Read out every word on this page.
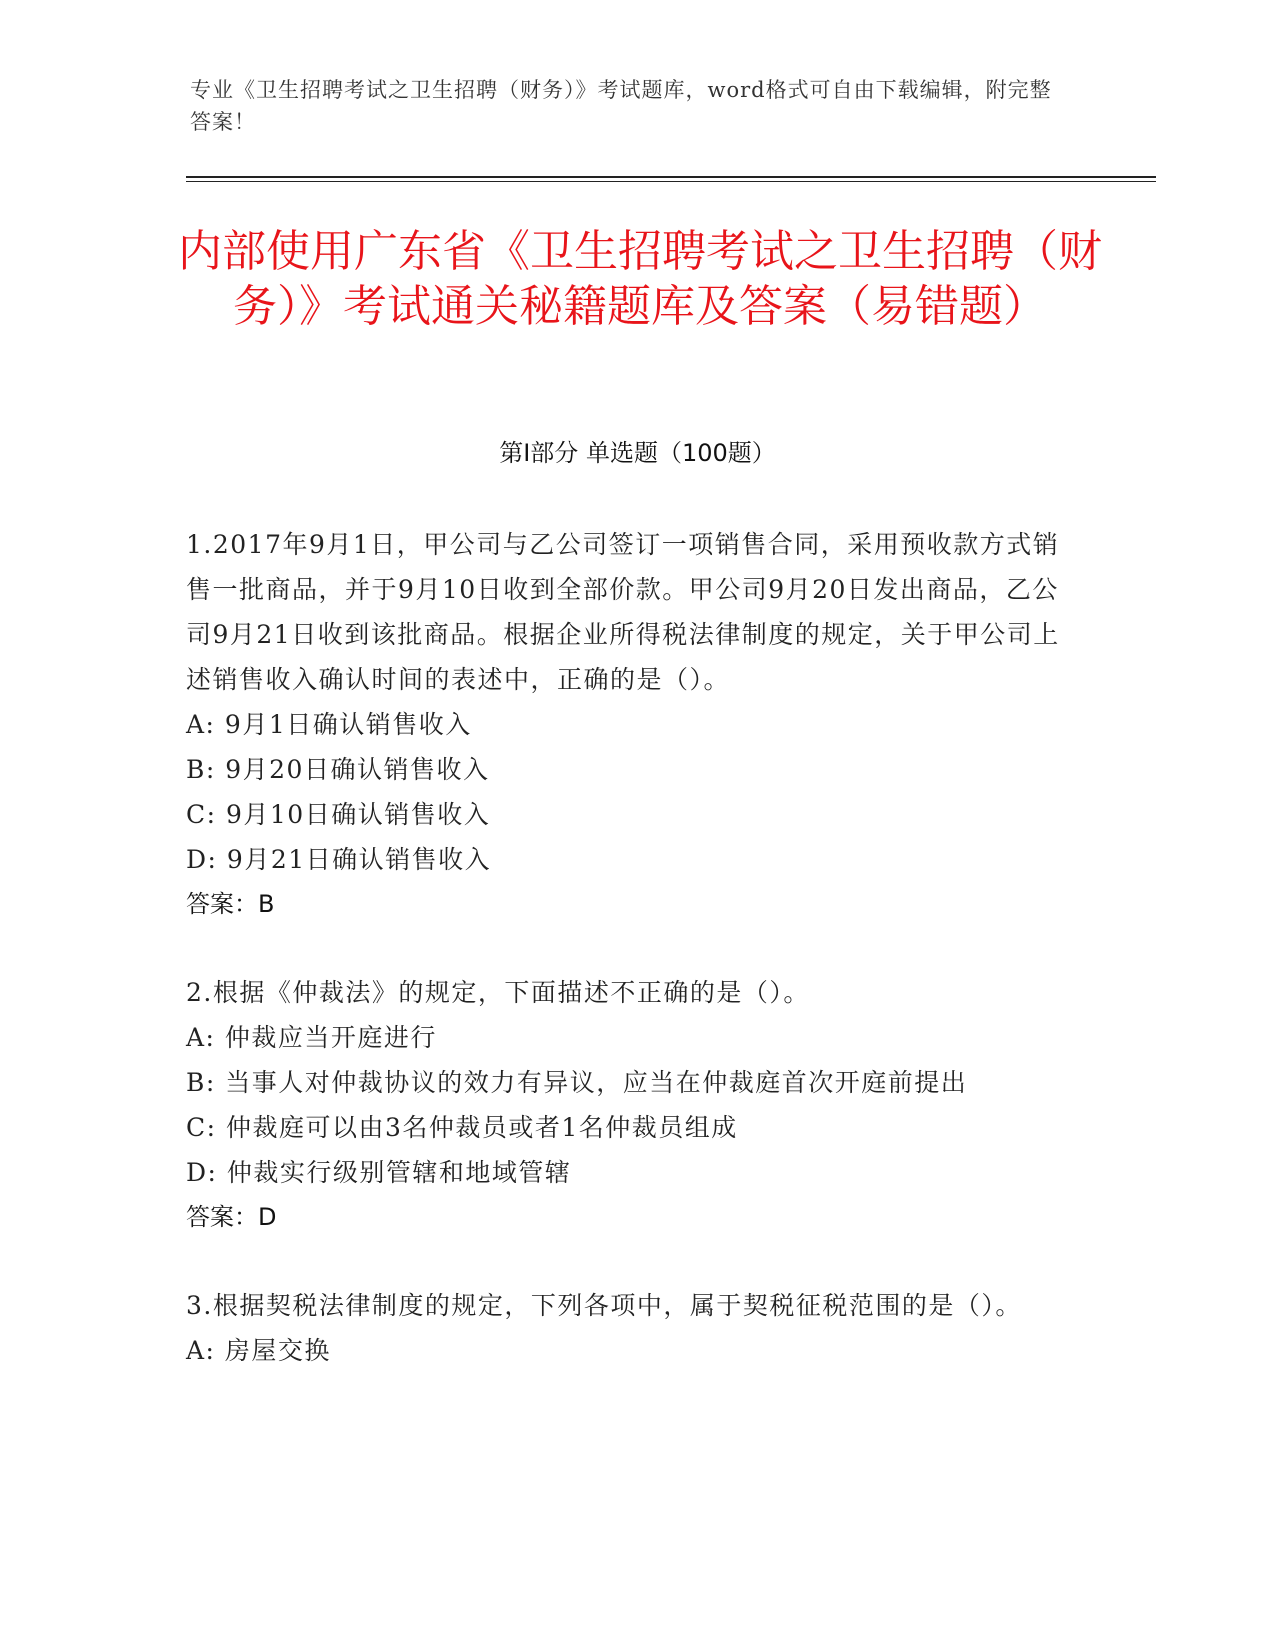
专业《卫生招聘考试之卫生招聘（财务）》考试题库，word格式可自由下载编辑，附完整答案！
内部使用广东省《卫生招聘考试之卫生招聘（财务）》考试通关秘籍题库及答案（易错题）
第I部分 单选题（100题）
1.2017年9月1日，甲公司与乙公司签订一项销售合同，采用预收款方式销售一批商品，并于9月10日收到全部价款。甲公司9月20日发出商品，乙公司9月21日收到该批商品。根据企业所得税法律制度的规定，关于甲公司上述销售收入确认时间的表述中，正确的是（）。
A: 9月1日确认销售收入
B: 9月20日确认销售收入
C: 9月10日确认销售收入
D: 9月21日确认销售收入
答案：B
2.根据《仲裁法》的规定，下面描述不正确的是（）。
A: 仲裁应当开庭进行
B: 当事人对仲裁协议的效力有异议，应当在仲裁庭首次开庭前提出
C: 仲裁庭可以由3名仲裁员或者1名仲裁员组成
D: 仲裁实行级别管辖和地域管辖
答案：D
3.根据契税法律制度的规定，下列各项中，属于契税征税范围的是（）。
A: 房屋交换
